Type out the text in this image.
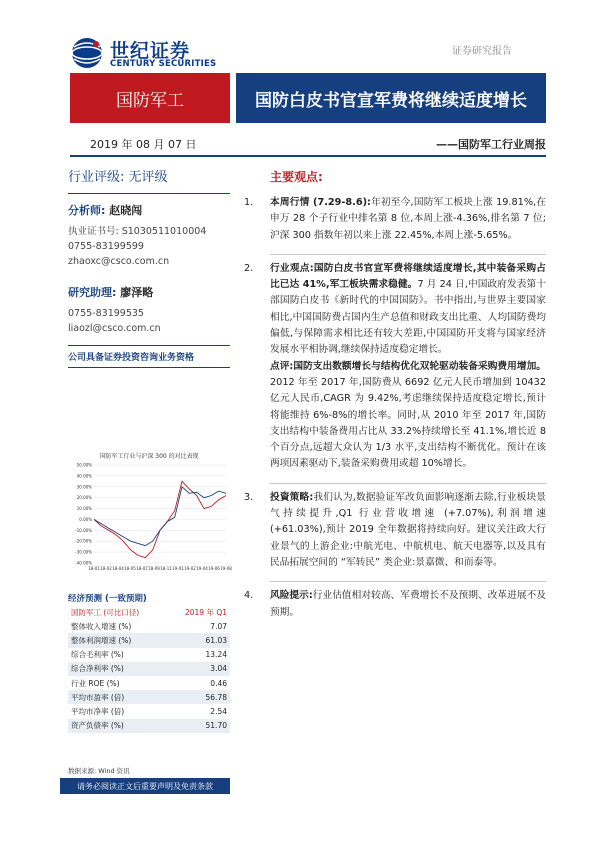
世纪证券
CENTURY SECURITIES
证券研究报告
国防军工	国防白皮书官宣军费将继续适度增长
2019 年 08 月 07 日	——国防军工行业周报
行业评级: 无评级
分析师: 赵晓闯
执业证书号: S1030511010004
0755-83199599
zhaoxc@csco.com.cn
研究助理: 廖泽略
0755-83199535
liaozl@csco.com.cn
公司具备证券投资咨询业务资格
国防军工行业与沪深 300 的对比表现
50.00%
40.00%
30.00%
20.00%
10.00%
0.00%
-10.00%
-20.00%
-30.00%
-40.00%
18-01 18-02 18-04 18-05 18-07 18-09 18-11 19-01 19-02 19-04 19-06 19-08
经济预测 (一致预期)
国防军工 (可比口径)	2019 年 Q1
整体收入增速 (%)	7.07
整体利润增速 (%)	61.03
综合毛利率 (%)	13.24
综合净利率 (%)	3.04
行业 ROE (%)	0.46
平均市盈率 (倍)	56.78
平均市净率 (倍)	2.54
资产负债率 (%)	51.70
数据来源: Wind 资讯
请务必阅读正文后重要声明及免责条款
主要观点:
1.	本周行情 (7.29-8.6):年初至今,国防军工板块上涨 19.81%,在申万 28 个子行业中排名第 8 位,本周上涨-4.36%,排名第 7 位;沪深 300 指数年初以来上涨 22.45%,本周上涨-5.65%。
2.	行业观点:国防白皮书官宣军费将继续适度增长,其中装备采购占比已达 41%,军工板块需求稳健。7 月 24 日,中国政府发表第十部国防白皮书《新时代的中国国防》。书中指出,与世界主要国家相比,中国国防费占国内生产总值和财政支出比重、人均国防费均偏低,与保障需求相比还有较大差距,中国国防开支将与国家经济发展水平相协调,继续保持适度稳定增长。
点评:国防支出数额增长与结构优化双轮驱动装备采购费用增加。2012 年至 2017 年,国防费从 6692 亿元人民币增加到 10432 亿元人民币,CAGR 为 9.42%,考虑继续保持适度稳定增长,预计将能维持 6%-8%的增长率。同时,从 2010 年至 2017 年,国防支出结构中装备费用占比从 33.2%持续增长至 41.1%,增长近 8 个百分点,远超大众认为 1/3 水平,支出结构不断优化。预计在该两项因素驱动下,装备采购费用或超 10%增长。
3.	投資策略:我们认为,数据验证军改负面影响逐渐去除,行业板块景气持续提升,Q1 行业营收增速 (+7.07%),利润增速 (+61.03%),预计 2019 全年数据将持续向好。建议关注政大行业景气的上游企业:中航光电、中航机电、航天电器等,以及具有民品拓展空间的 “军转民” 类企业:景嘉微、和而泰等。
4.	风险提示:行业估值相对较高、军费增长不及预期、改革进展不及预期。
